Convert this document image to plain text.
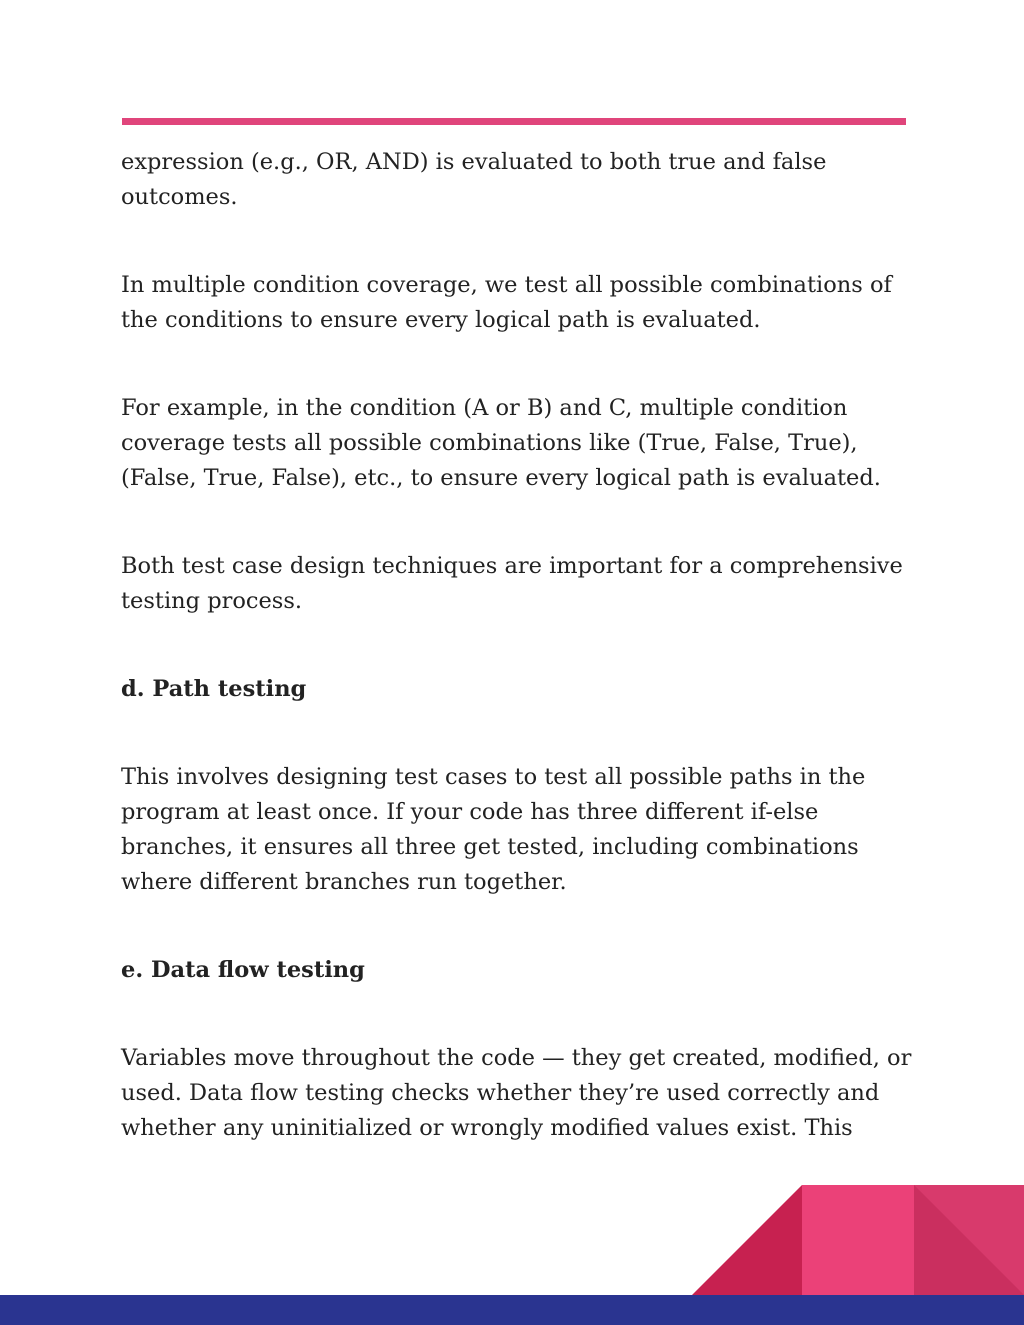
expression (e.g., OR, AND) is evaluated to both true and false outcomes.

In multiple condition coverage, we test all possible combinations of the conditions to ensure every logical path is evaluated.

For example, in the condition (A or B) and C, multiple condition coverage tests all possible combinations like (True, False, True), (False, True, False), etc., to ensure every logical path is evaluated.

Both test case design techniques are important for a comprehensive testing process.

d. Path testing

This involves designing test cases to test all possible paths in the program at least once. If your code has three different if-else branches, it ensures all three get tested, including combinations where different branches run together.

e. Data flow testing

Variables move throughout the code — they get created, modified, or used. Data flow testing checks whether they’re used correctly and whether any uninitialized or wrongly modified values exist. This
